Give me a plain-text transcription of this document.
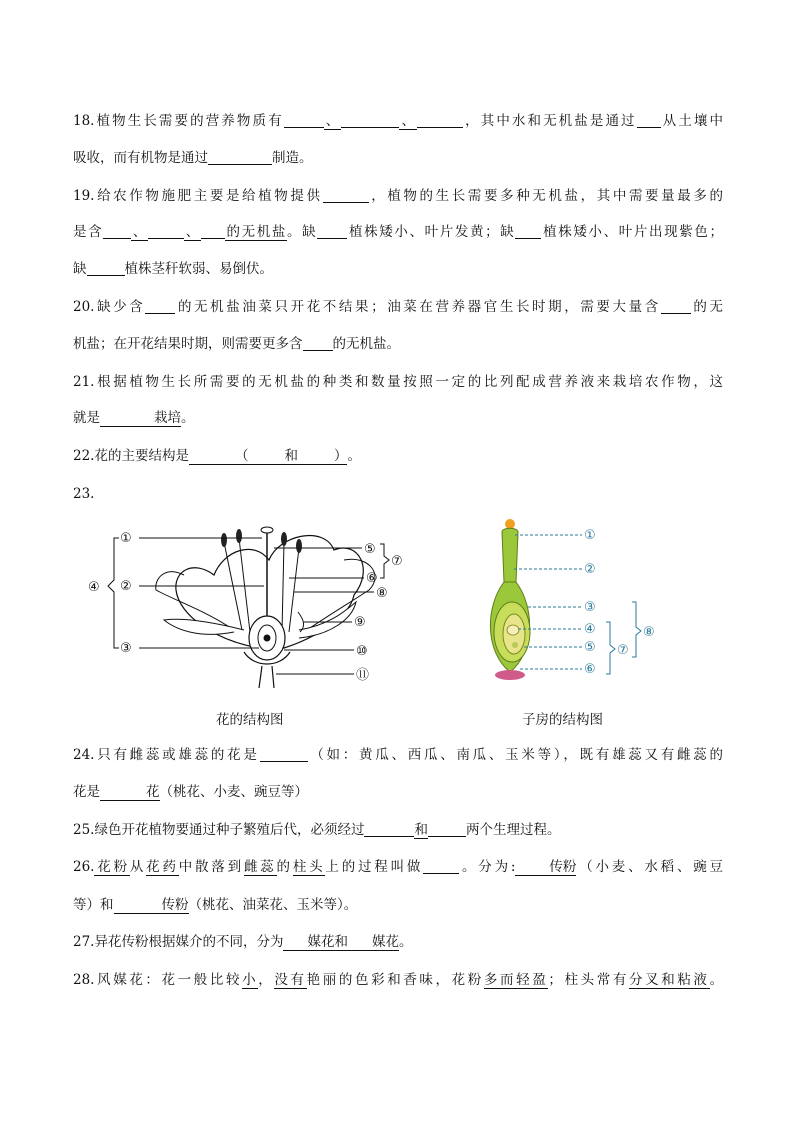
18.植物生长需要的营养物质有	、	、	，其中水和无机盐是通过 从土壤中
吸收，而有机物是通过	制造。
19.给农作物施肥主要是给植物提供	，植物的生长需要多种无机盐，其中需要量最多的
是含 、	、 的无机盐。缺 植株矮小、叶片发黄；缺 植株矮小、叶片出现紫色；
缺	植株茎秆软弱、易倒伏。
20.缺少含 的无机盐油菜只开花不结果；油菜在营养器官生长时期，需要大量含 的无
机盐；在开花结果时期，则需要更多含 的无机盐。
21.根据植物生长所需要的无机盐的种类和数量按照一定的比列配成营养液来栽培农作物，这
就是	栽培。
22.花的主要结构是	（	和	）。
23.
①
②
③
④
⑤
⑥
⑦
⑧
⑨
⑩
⑪
①
②
③
④
⑤
⑥
⑦
⑧
花的结构图	子房的结构图
24.只有雌蕊或雄蕊的花是	（如：黄瓜、西瓜、南瓜、玉米等），既有雄蕊又有雌蕊的
花是	花（桃花、小麦、豌豆等）
25.绿色开花植物要通过种子繁殖后代，必须经过	和	两个生理过程。
26.花粉从花药中散落到雌蕊的柱头上的过程叫做	。分为:	传粉（小麦、水稻、豌豆
等）和	传粉（桃花、油菜花、玉米等）。
27.异花传粉根据媒介的不同，分为 媒花和 媒花。
28.风媒花：花一般比较小，没有艳丽的色彩和香味，花粉多而轻盈；柱头常有分叉和粘液。
